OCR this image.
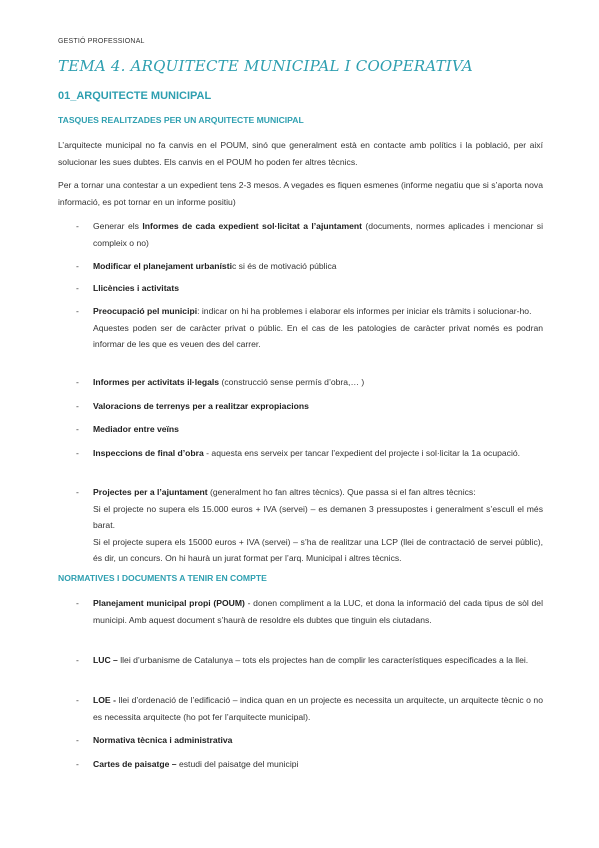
GESTIÓ PROFESSIONAL
TEMA 4. ARQUITECTE MUNICIPAL I COOPERATIVA
01_ARQUITECTE MUNICIPAL
TASQUES REALITZADES PER UN ARQUITECTE MUNICIPAL
L’arquitecte municipal no fa canvis en el POUM, sinó que generalment està en contacte amb polítics i la població, per així solucionar les sues dubtes. Els canvis en el POUM ho poden fer altres tècnics.
Per a tornar una contestar a un expedient tens 2-3 mesos. A vegades es fiquen esmenes (informe negatiu que si s’aporta nova informació, es pot tornar en un informe positiu)
-	Generar els Informes de cada expedient sol·licitat a l’ajuntament (documents, normes aplicades i mencionar si compleix o no)
-	Modificar el planejament urbanístic si és de motivació pública
-	Llicències i activitats
-	Preocupació pel municipi: indicar on hi ha problemes i elaborar els informes per iniciar els tràmits i solucionar-ho.
Aquestes poden ser de caràcter privat o públic. En el cas de les patologies de caràcter privat només es podran informar de les que es veuen des del carrer.
-	Informes per activitats il·legals (construcció sense permís d’obra,… )
-	Valoracions de terrenys per a realitzar expropiacions
-	Mediador entre veïns
-	Inspeccions de final d’obra - aquesta ens serveix per tancar l’expedient del projecte i sol·licitar la 1a ocupació.
-	Projectes per a l’ajuntament (generalment ho fan altres tècnics). Que passa si el fan altres tècnics:
Si el projecte no supera els 15.000 euros + IVA (servei) – es demanen 3 pressupostes i generalment s’escull el més barat.
Si el projecte supera els 15000 euros + IVA (servei) – s’ha de realitzar una LCP (llei de contractació de servei públic), és dir, un concurs. On hi haurà un jurat format per l’arq. Municipal i altres tècnics.
NORMATIVES I DOCUMENTS A TENIR EN COMPTE
-	Planejament municipal propi (POUM) - donen compliment a la LUC, et dona la informació del cada tipus de sòl del municipi. Amb aquest document s’haurà de resoldre els dubtes que tinguin els ciutadans.
-	LUC – llei d’urbanisme de Catalunya – tots els projectes han de complir les característiques especificades a la llei.
-	LOE - llei d’ordenació de l’edificació – indica quan en un projecte es necessita un arquitecte, un arquitecte tècnic o no es necessita arquitecte (ho pot fer l’arquitecte municipal).
-	Normativa tècnica i administrativa
-	Cartes de paisatge – estudi del paisatge del municipi
